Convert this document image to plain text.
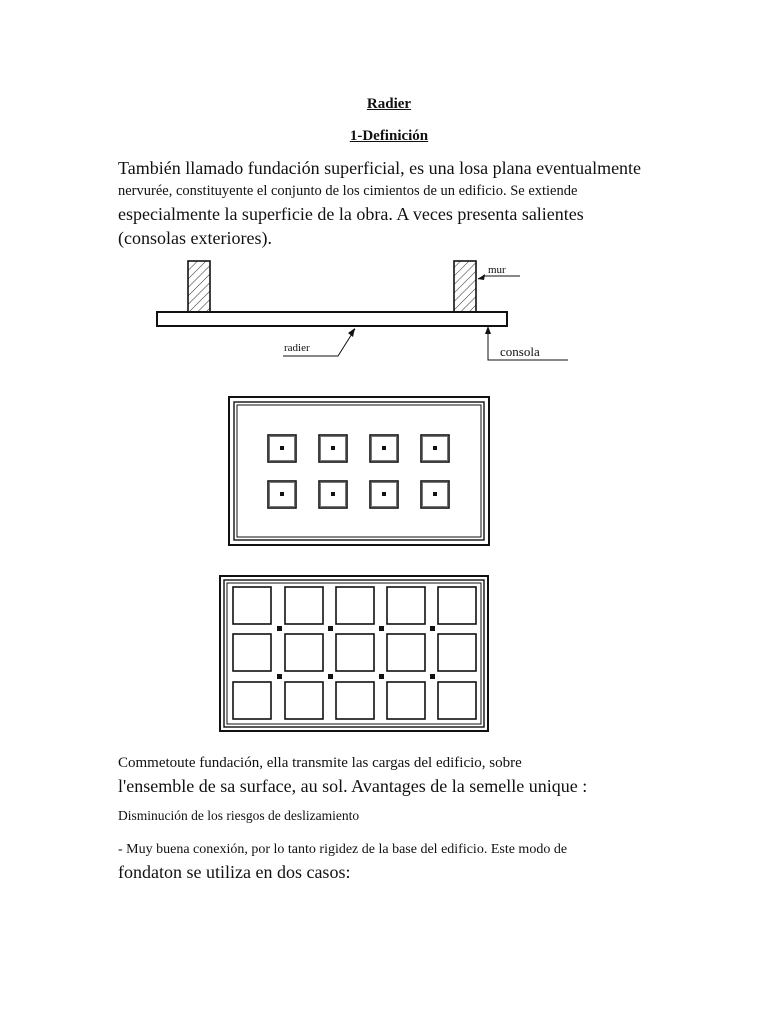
Radier
1-Definición
También llamado fundación superficial, es una losa plana eventualmente
nervurée, constituyente el conjunto de los cimientos de un edificio. Se extiende
especialmente la superficie de la obra. A veces presenta salientes
(consolas exteriores).
mur
radier	consola
Commetoute fundación, ella transmite las cargas del edificio, sobre
l'ensemble de sa surface, au sol. Avantages de la semelle unique :
Disminución de los riesgos de deslizamiento
- Muy buena conexión, por lo tanto rigidez de la base del edificio. Este modo de
fondaton se utiliza en dos casos:
